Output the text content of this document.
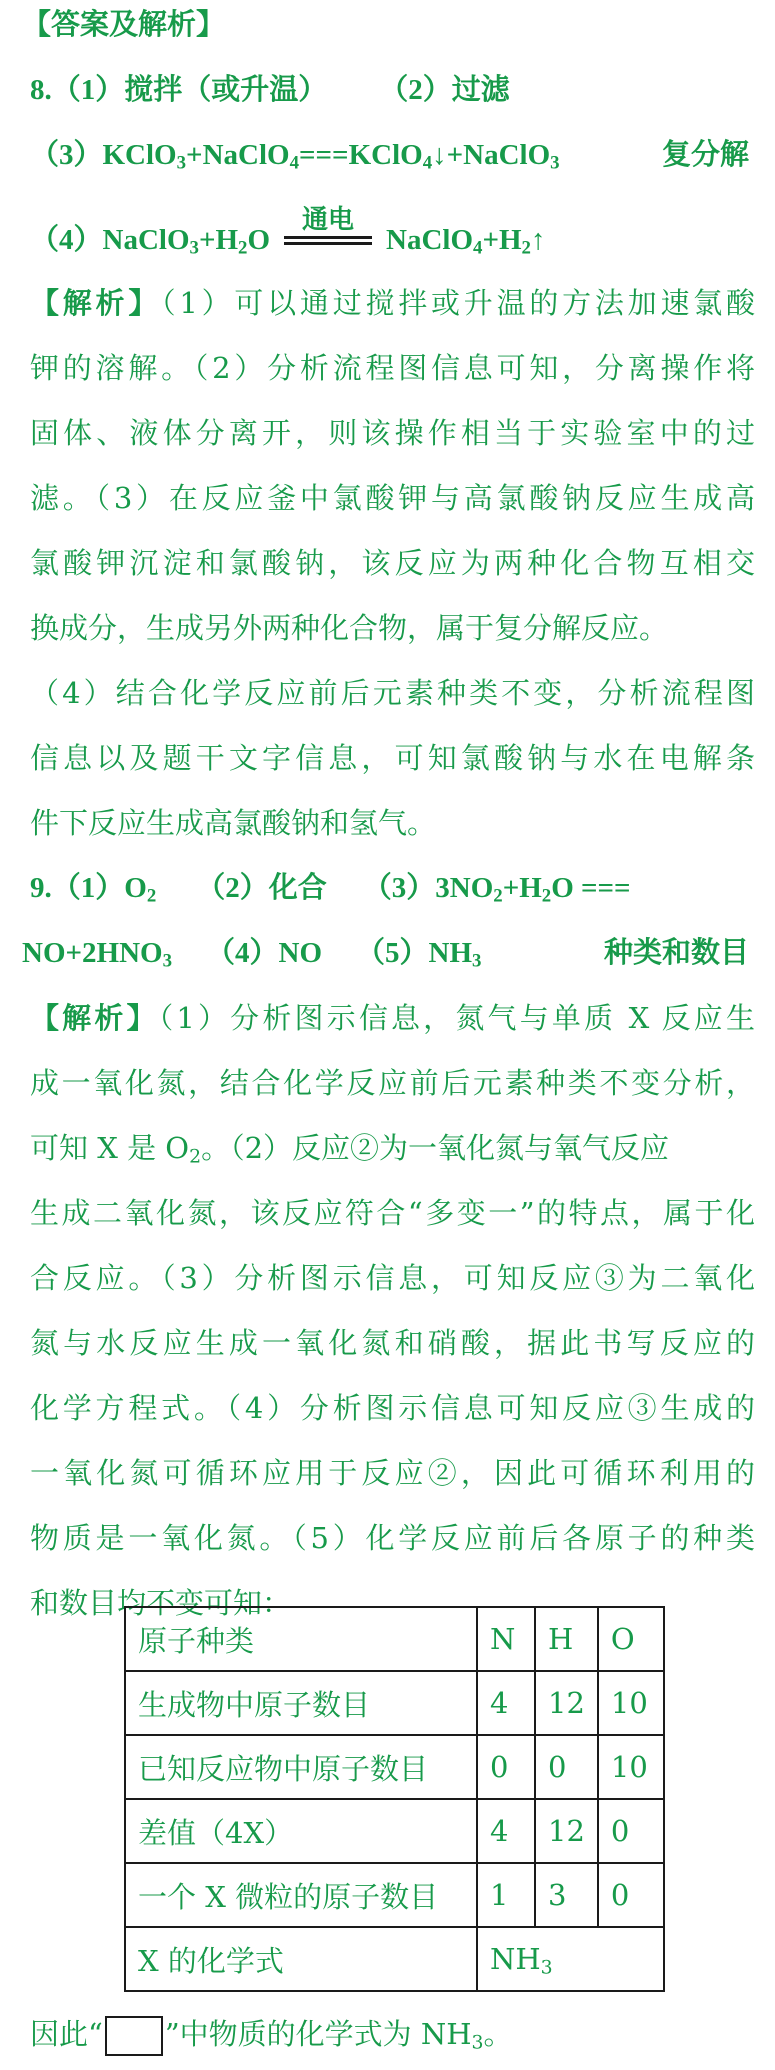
【答案及解析】
8.（1）搅拌（或升温） （2）过滤
（3）KClO$_3$+NaClO$_4$===KClO$_4$↓+NaClO$_3$	复分解
$(4)NaClO_3+H_2O$
通电
$NaClO_4+H_2↑$
【解析】（1）可以通过搅拌或升温的方法加速氯酸
钾的溶解。（2）分析流程图信息可知，分离操作将
固体、液体分离开，则该操作相当于实验室中的过
滤。（3）在反应釜中氯酸钾与高氯酸钠反应生成高
氯酸钾沉淀和氯酸钠，该反应为两种化合物互相交
换成分，生成另外两种化合物，属于复分解反应。
（4）结合化学反应前后元素种类不变，分析流程图
信息以及题干文字信息，可知氯酸钠与水在电解条
件下反应生成高氯酸钠和氢气。
$9.(1)O_2$ （2）化合 $(3)3NO_2+H_2O$ ===
$NO+2HNO_3$ （4）NO $(5)NH_3$	种类和数目
【解析】（1）分析图示信息，氮气与单质 X 反应生
成一氧化氮，结合化学反应前后元素种类不变分析，
可知 X 是 $O_2$。（2）反应②为一氧化氮与氧气反应
生成二氧化氮，该反应符合“多变一”的特点，属于化
合反应。（3）分析图示信息，可知反应③为二氧化
氮与水反应生成一氧化氮和硝酸，据此书写反应的
化学方程式。（4）分析图示信息可知反应③生成的
一氧化氮可循环应用于反应②，因此可循环利用的
物质是一氧化氮。（5）化学反应前后各原子的种类
和数目均不变可知：
原子种类	N	H	O
生成物中原子数目	4	12	10
已知反应物中原子数目	0	0	10
差值（4X）	4	12	0
一个 X 微粒的原子数目	1	3	0
X 的化学式	$NH_3$
因此“ ”中物质的化学式为 $NH_3$。
